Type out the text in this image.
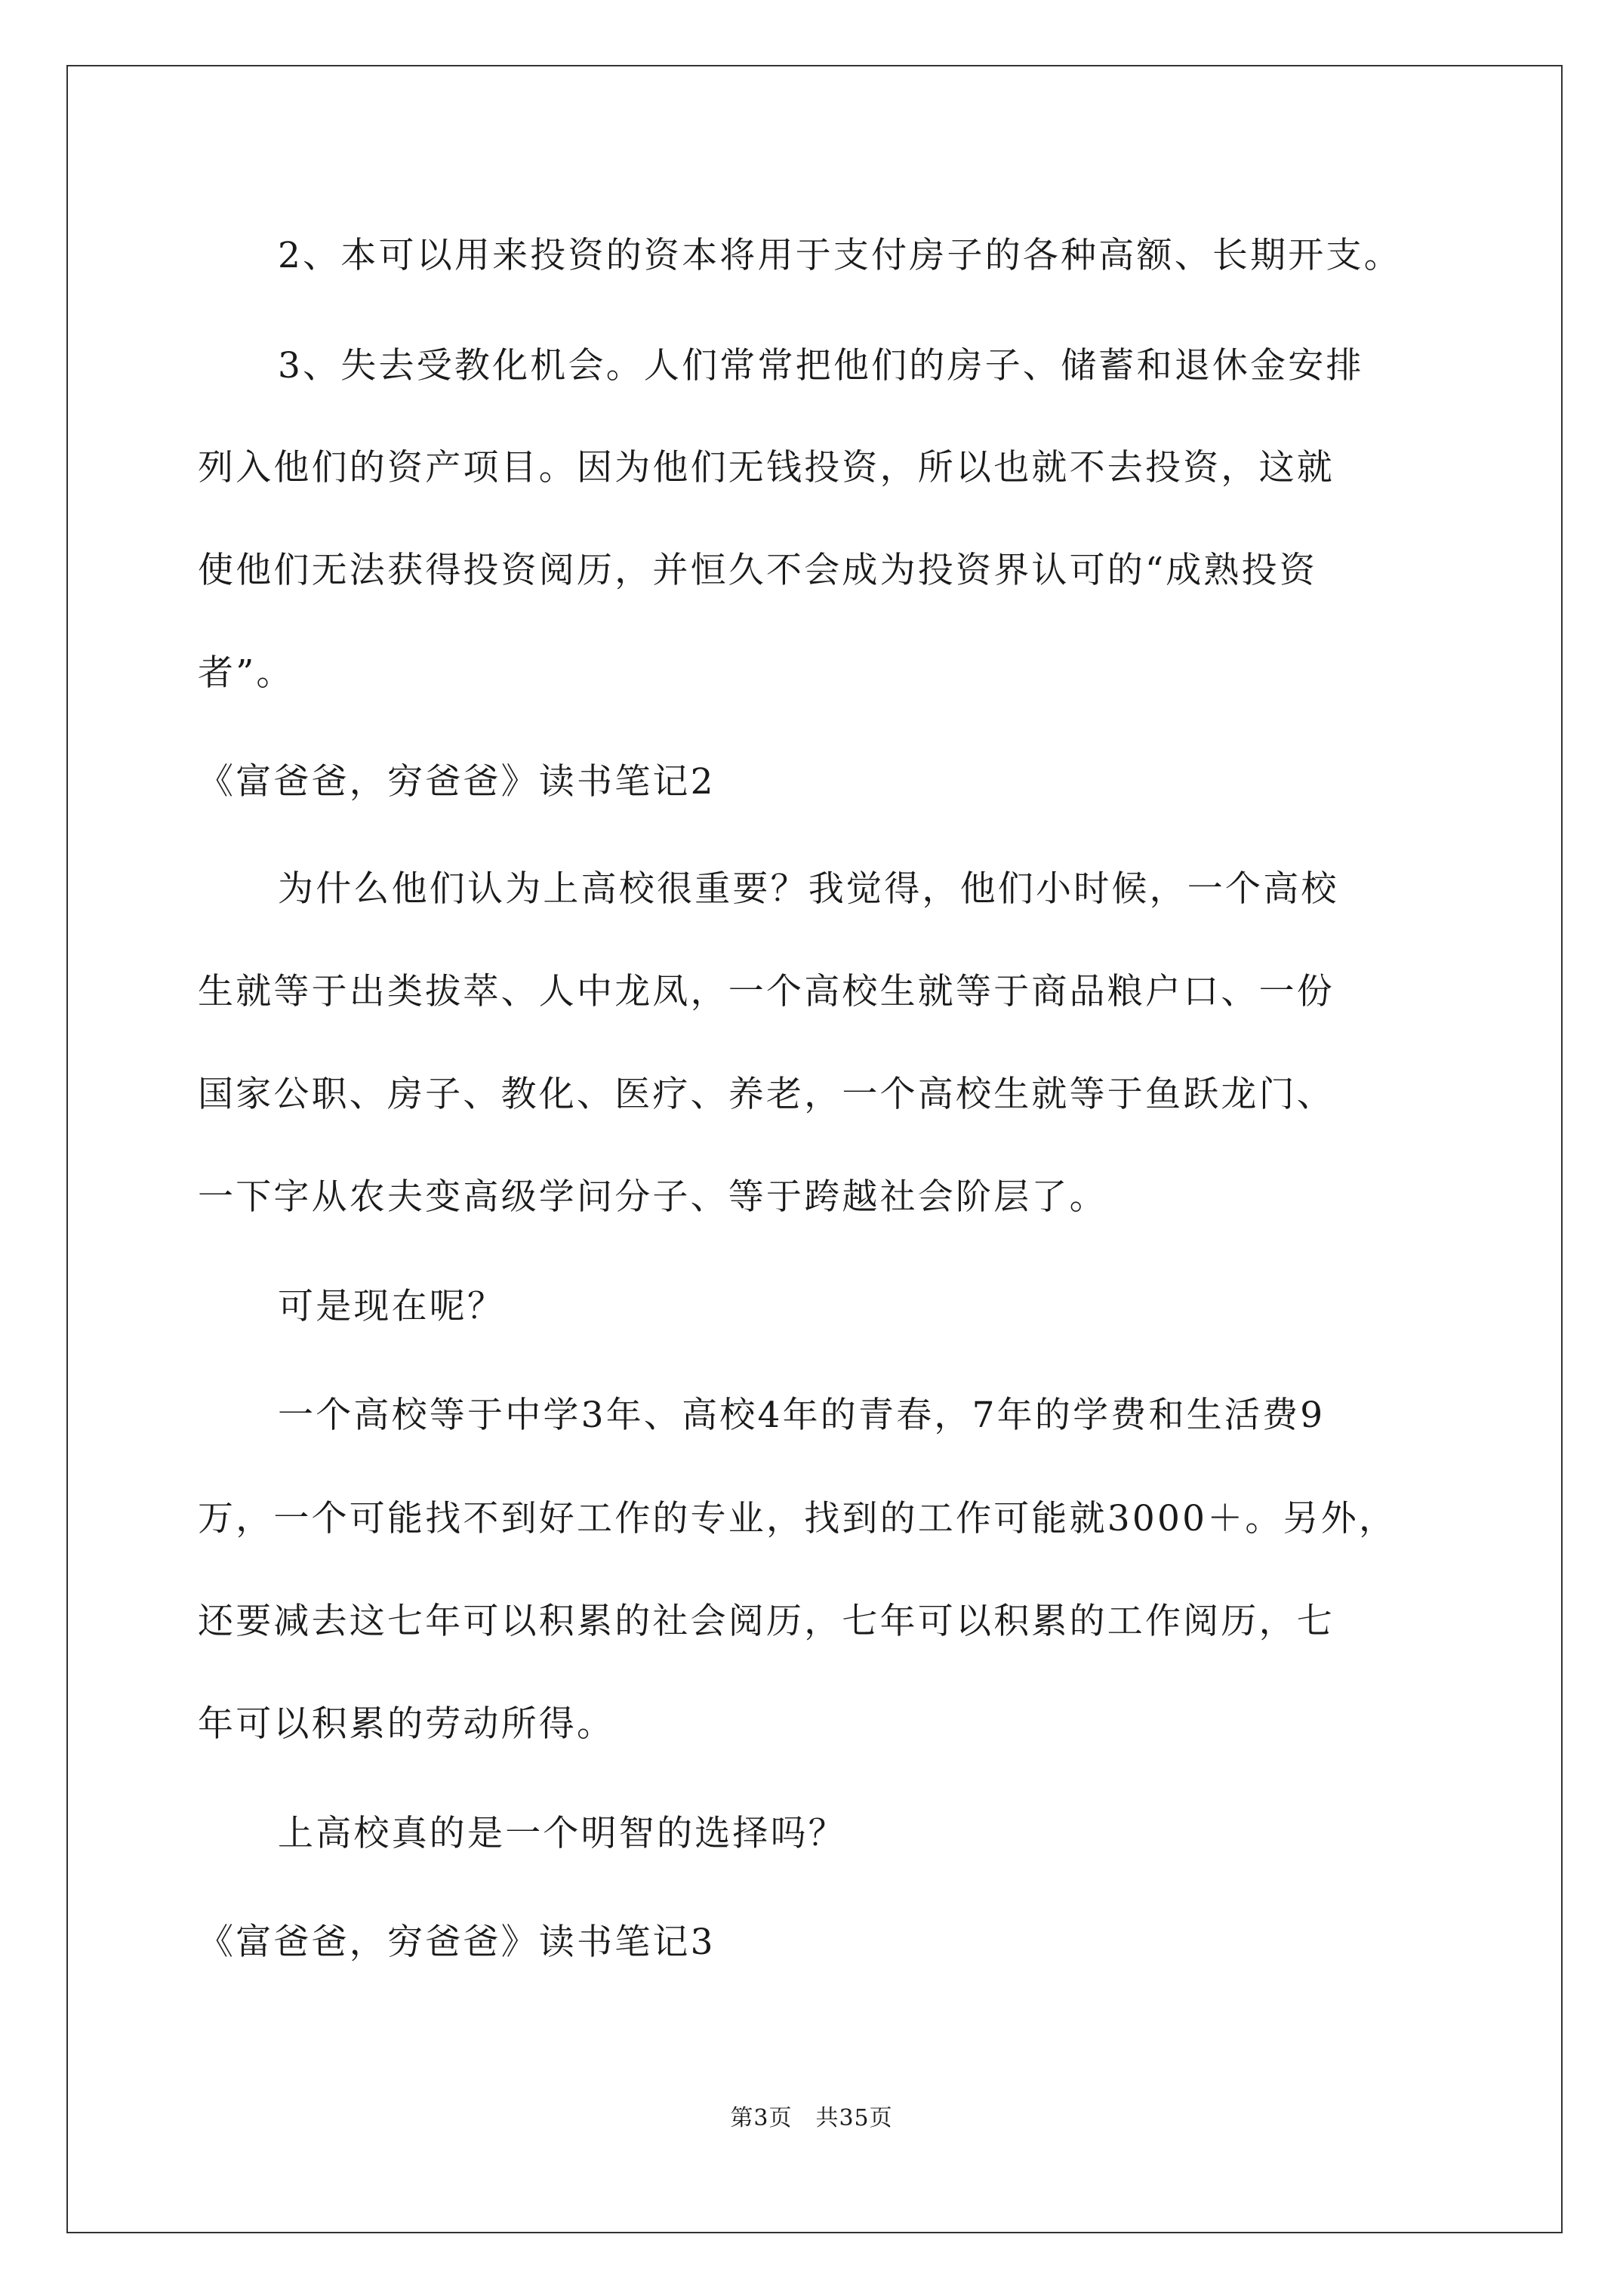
2、本可以用来投资的资本将用于支付房子的各种高额、长期开支。
3、失去受教化机会。人们常常把他们的房子、储蓄和退休金安排
列入他们的资产项目。因为他们无钱投资，所以也就不去投资，这就
使他们无法获得投资阅历，并恒久不会成为投资界认可的“成熟投资
者”。
《富爸爸，穷爸爸》读书笔记2
为什么他们认为上高校很重要？我觉得，他们小时候，一个高校
生就等于出类拔萃、人中龙凤，一个高校生就等于商品粮户口、一份
国家公职、房子、教化、医疗、养老，一个高校生就等于鱼跃龙门、
一下字从农夫变高级学问分子、等于跨越社会阶层了。
可是现在呢？
一个高校等于中学3年、高校4年的青春，7年的学费和生活费9
万，一个可能找不到好工作的专业，找到的工作可能就3000＋。另外，
还要减去这七年可以积累的社会阅历，七年可以积累的工作阅历，七
年可以积累的劳动所得。
上高校真的是一个明智的选择吗？
《富爸爸，穷爸爸》读书笔记3
第3页　共35页
